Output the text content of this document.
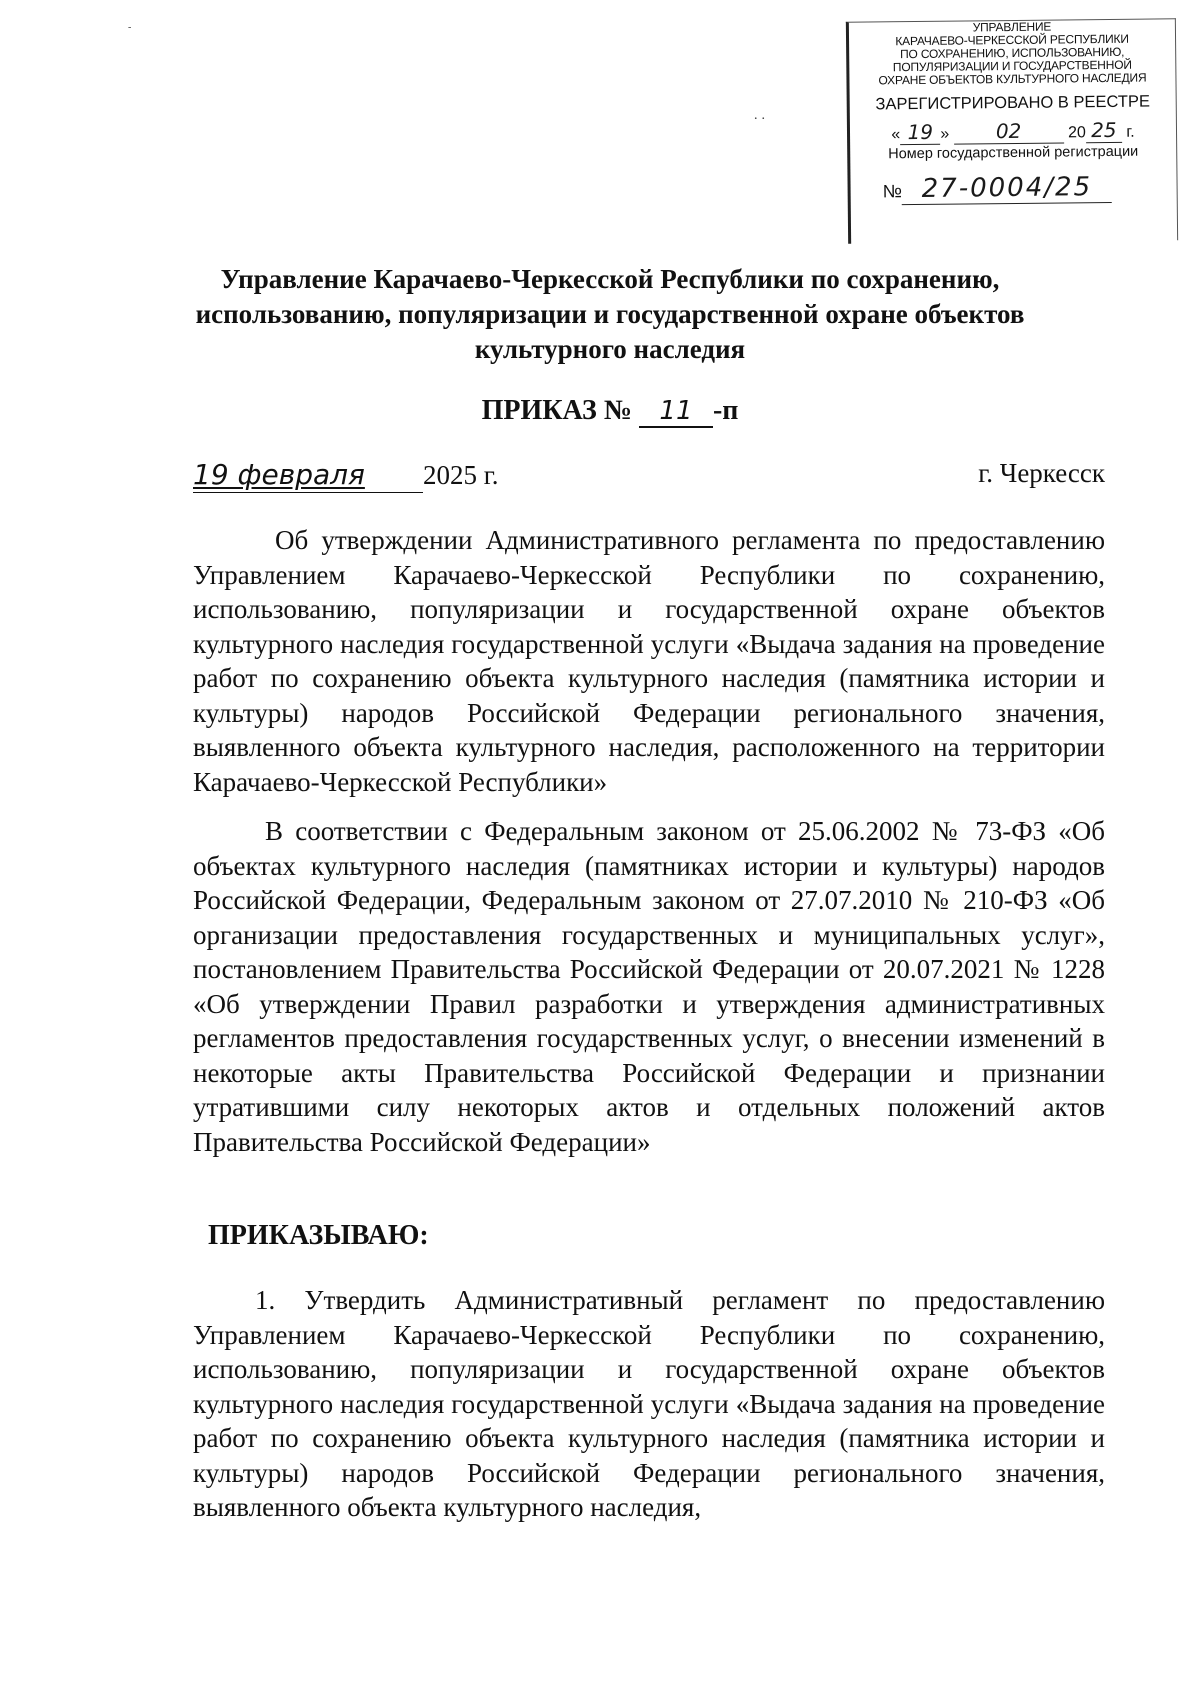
-
..
УПРАВЛЕНИЕ
КАРАЧАЕВО-ЧЕРКЕССКОЙ РЕСПУБЛИКИ
ПО СОХРАНЕНИЮ, ИСПОЛЬЗОВАНИЮ,
ПОПУЛЯРИЗАЦИИ И ГОСУДАРСТВЕННОЙ
ОХРАНЕ ОБЪЕКТОВ КУЛЬТУРНОГО НАСЛЕДИЯ
ЗАРЕГИСТРИРОВАНО В РЕЕСТРЕ
« 19 » 02	20 25 г.
Номер государственной регистрации
№ 27-0004/25
Управление Карачаево-Черкесской Республики по сохранению, использованию, популяризации и государственной охране объектов культурного наследия
ПРИКАЗ № 11 -п
19 февраля 2025 г.	г. Черкесск
Об утверждении Административного регламента по предоставлению Управлением Карачаево-Черкесской Республики по сохранению, использованию, популяризации и государственной охране объектов культурного наследия государственной услуги «Выдача задания на проведение работ по сохранению объекта культурного наследия (памятника истории и культуры) народов Российской Федерации регионального значения, выявленного объекта культурного наследия, расположенного на территории Карачаево-Черкесской Республики»
В соответствии с Федеральным законом от 25.06.2002 № 73-ФЗ «Об объектах культурного наследия (памятниках истории и культуры) народов Российской Федерации, Федеральным законом от 27.07.2010 № 210-ФЗ «Об организации предоставления государственных и муниципальных услуг», постановлением Правительства Российской Федерации от 20.07.2021 № 1228 «Об утверждении Правил разработки и утверждения административных регламентов предоставления государственных услуг, о внесении изменений в некоторые акты Правительства Российской Федерации и признании утратившими силу некоторых актов и отдельных положений актов Правительства Российской Федерации»
ПРИКАЗЫВАЮ:
1. Утвердить Административный регламент по предоставлению Управлением Карачаево-Черкесской Республики по сохранению, использованию, популяризации и государственной охране объектов культурного наследия государственной услуги «Выдача задания на проведение работ по сохранению объекта культурного наследия (памятника истории и культуры) народов Российской Федерации регионального значения, выявленного объекта культурного наследия,
